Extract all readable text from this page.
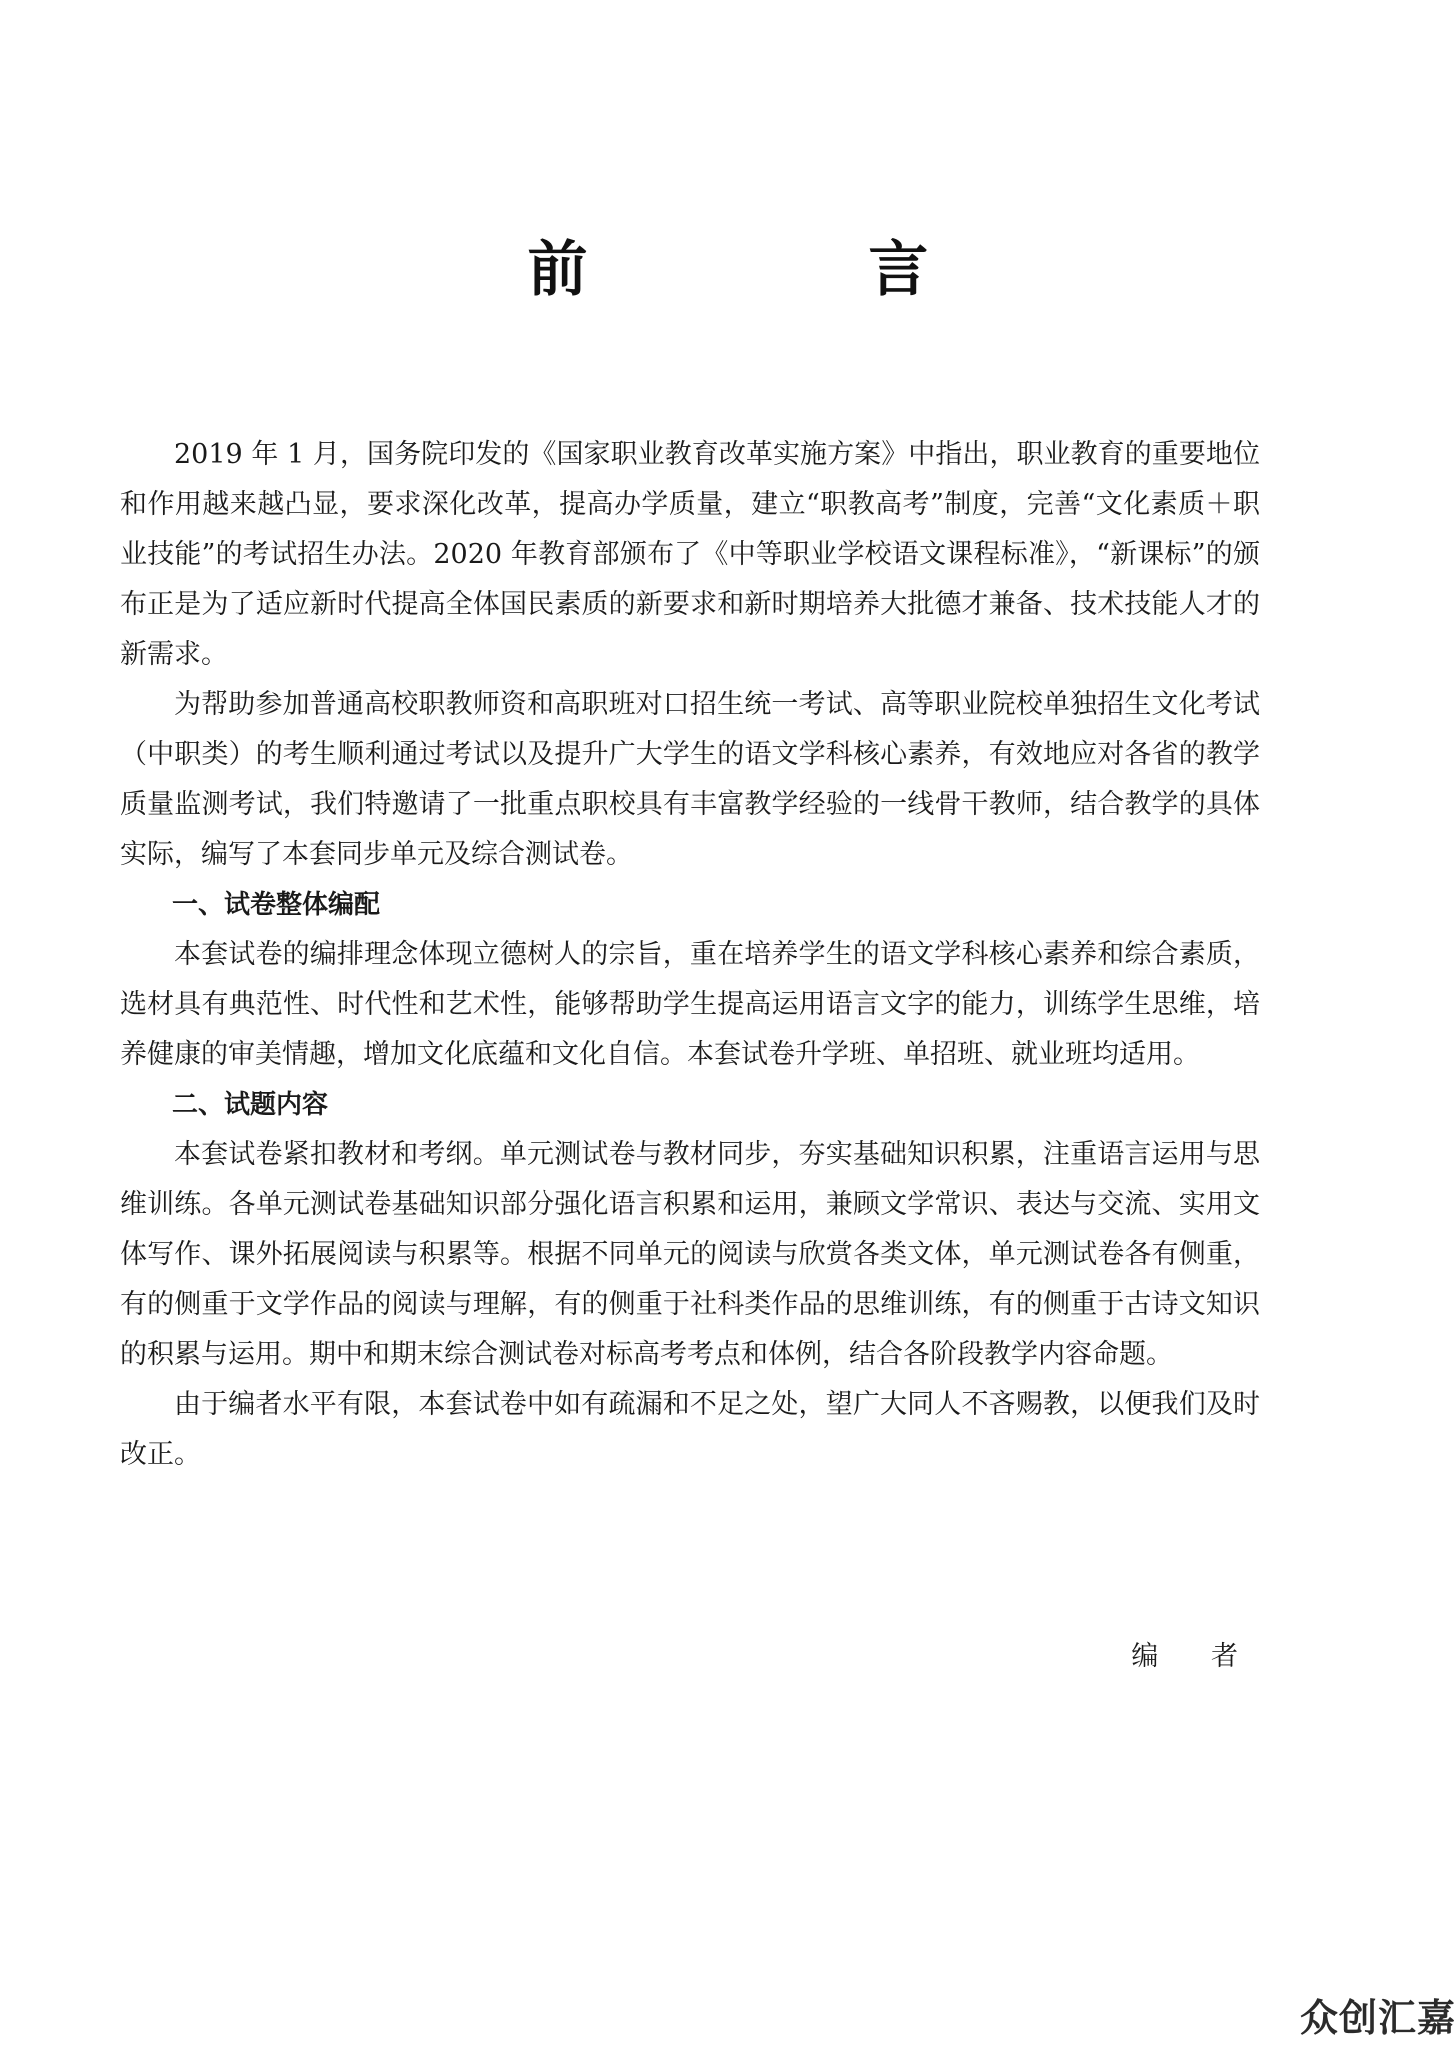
前 言

2019 年 1 月，国务院印发的《国家职业教育改革实施方案》中指出，职业教育的重要地位和作用越来越凸显，要求深化改革，提高办学质量，建立“职教高考”制度，完善“文化素质＋职业技能”的考试招生办法。2020 年教育部颁布了《中等职业学校语文课程标准》，“新课标”的颁布正是为了适应新时代提高全体国民素质的新要求和新时期培养大批德才兼备、技术技能人才的新需求。

为帮助参加普通高校职教师资和高职班对口招生统一考试、高等职业院校单独招生文化考试（中职类）的考生顺利通过考试以及提升广大学生的语文学科核心素养，有效地应对各省的教学质量监测考试，我们特邀请了一批重点职校具有丰富教学经验的一线骨干教师，结合教学的具体实际，编写了本套同步单元及综合测试卷。

一、试卷整体编配

本套试卷的编排理念体现立德树人的宗旨，重在培养学生的语文学科核心素养和综合素质，选材具有典范性、时代性和艺术性，能够帮助学生提高运用语言文字的能力，训练学生思维，培养健康的审美情趣，增加文化底蕴和文化自信。本套试卷升学班、单招班、就业班均适用。

二、试题内容

本套试卷紧扣教材和考纲。单元测试卷与教材同步，夯实基础知识积累，注重语言运用与思维训练。各单元测试卷基础知识部分强化语言积累和运用，兼顾文学常识、表达与交流、实用文体写作、课外拓展阅读与积累等。根据不同单元的阅读与欣赏各类文体，单元测试卷各有侧重，有的侧重于文学作品的阅读与理解，有的侧重于社科类作品的思维训练，有的侧重于古诗文知识的积累与运用。期中和期末综合测试卷对标高考考点和体例，结合各阶段教学内容命题。

由于编者水平有限，本套试卷中如有疏漏和不足之处，望广大同人不吝赐教，以便我们及时改正。

编 者
众创汇嘉
